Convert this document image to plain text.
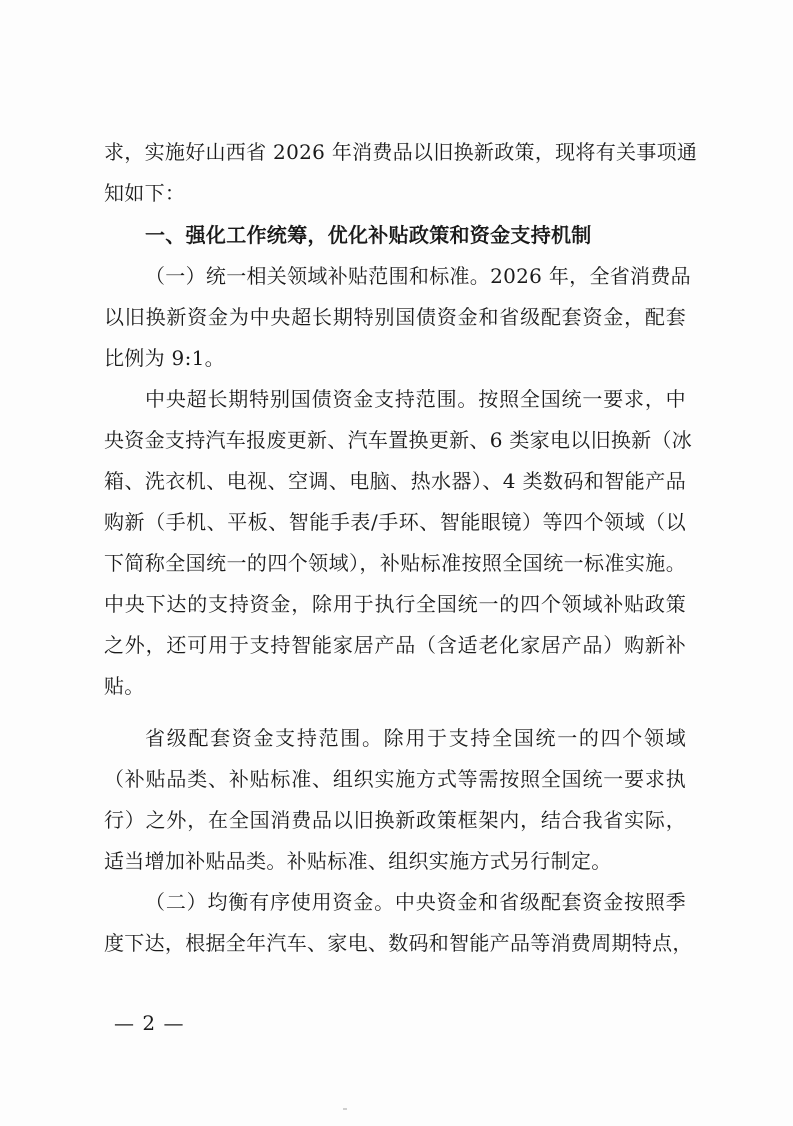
求，实施好山西省 2026 年消费品以旧换新政策，现将有关事项通
知如下：
一、强化工作统筹，优化补贴政策和资金支持机制
（一）统一相关领域补贴范围和标准。2026 年，全省消费品
以旧换新资金为中央超长期特别国债资金和省级配套资金，配套
比例为 9:1。
中央超长期特别国债资金支持范围。按照全国统一要求，中
央资金支持汽车报废更新、汽车置换更新、6 类家电以旧换新（冰
箱、洗衣机、电视、空调、电脑、热水器）、4 类数码和智能产品
购新（手机、平板、智能手表/手环、智能眼镜）等四个领域（以
下简称全国统一的四个领域），补贴标准按照全国统一标准实施。
中央下达的支持资金，除用于执行全国统一的四个领域补贴政策
之外，还可用于支持智能家居产品（含适老化家居产品）购新补
贴。
省级配套资金支持范围。除用于支持全国统一的四个领域
（补贴品类、补贴标准、组织实施方式等需按照全国统一要求执
行）之外，在全国消费品以旧换新政策框架内，结合我省实际，
适当增加补贴品类。补贴标准、组织实施方式另行制定。
（二）均衡有序使用资金。中央资金和省级配套资金按照季
度下达，根据全年汽车、家电、数码和智能产品等消费周期特点，
— 2 —
